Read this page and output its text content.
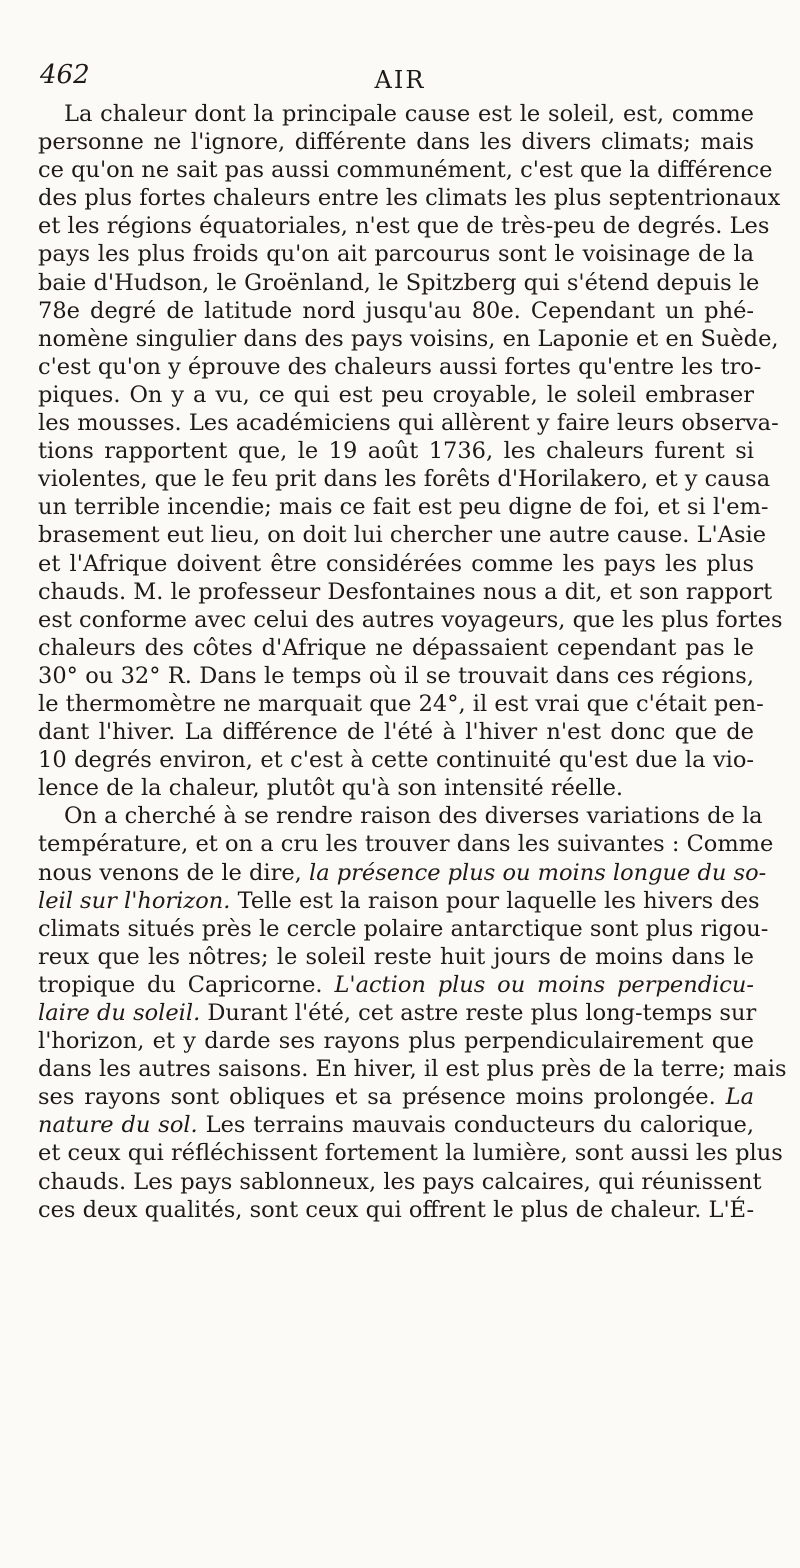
462	AIR
La chaleur dont la principale cause est le soleil, est, comme
personne ne l'ignore, différente dans les divers climats; mais
ce qu'on ne sait pas aussi communément, c'est que la différence
des plus fortes chaleurs entre les climats les plus septentrionaux
et les régions équatoriales, n'est que de très-peu de degrés. Les
pays les plus froids qu'on ait parcourus sont le voisinage de la
baie d'Hudson, le Groënland, le Spitzberg qui s'étend depuis le
78e degré de latitude nord jusqu'au 80e. Cependant un phé-
nomène singulier dans des pays voisins, en Laponie et en Suède,
c'est qu'on y éprouve des chaleurs aussi fortes qu'entre les tro-
piques. On y a vu, ce qui est peu croyable, le soleil embraser
les mousses. Les académiciens qui allèrent y faire leurs observa-
tions rapportent que, le 19 août 1736, les chaleurs furent si
violentes, que le feu prit dans les forêts d'Horilakero, et y causa
un terrible incendie; mais ce fait est peu digne de foi, et si l'em-
brasement eut lieu, on doit lui chercher une autre cause. L'Asie
et l'Afrique doivent être considérées comme les pays les plus
chauds. M. le professeur Desfontaines nous a dit, et son rapport
est conforme avec celui des autres voyageurs, que les plus fortes
chaleurs des côtes d'Afrique ne dépassaient cependant pas le
30° ou 32° R. Dans le temps où il se trouvait dans ces régions,
le thermomètre ne marquait que 24°, il est vrai que c'était pen-
dant l'hiver. La différence de l'été à l'hiver n'est donc que de
10 degrés environ, et c'est à cette continuité qu'est due la vio-
lence de la chaleur, plutôt qu'à son intensité réelle.
On a cherché à se rendre raison des diverses variations de la
température, et on a cru les trouver dans les suivantes : Comme
nous venons de le dire, la présence plus ou moins longue du so-
leil sur l'horizon. Telle est la raison pour laquelle les hivers des
climats situés près le cercle polaire antarctique sont plus rigou-
reux que les nôtres; le soleil reste huit jours de moins dans le
tropique du Capricorne. L'action plus ou moins perpendicu-
laire du soleil. Durant l'été, cet astre reste plus long-temps sur
l'horizon, et y darde ses rayons plus perpendiculairement que
dans les autres saisons. En hiver, il est plus près de la terre; mais
ses rayons sont obliques et sa présence moins prolongée. La
nature du sol. Les terrains mauvais conducteurs du calorique,
et ceux qui réfléchissent fortement la lumière, sont aussi les plus
chauds. Les pays sablonneux, les pays calcaires, qui réunissent
ces deux qualités, sont ceux qui offrent le plus de chaleur. L'É-
